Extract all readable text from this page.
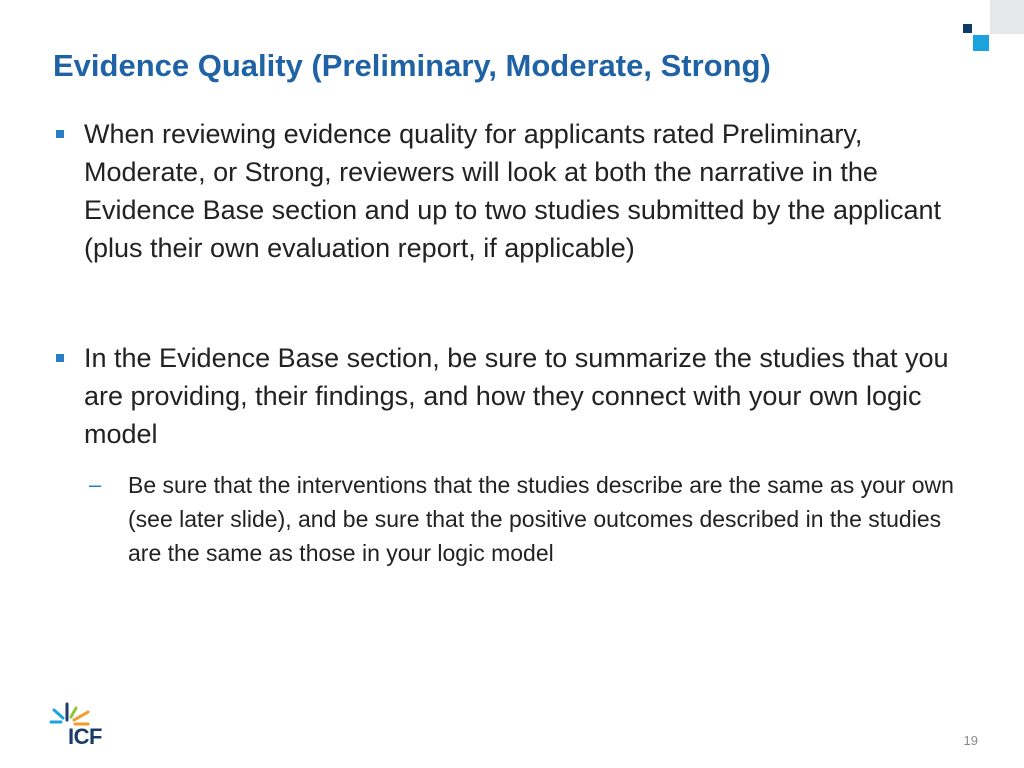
Evidence Quality (Preliminary, Moderate, Strong)

When reviewing evidence quality for applicants rated Preliminary, Moderate, or Strong, reviewers will look at both the narrative in the Evidence Base section and up to two studies submitted by the applicant (plus their own evaluation report, if applicable)

In the Evidence Base section, be sure to summarize the studies that you are providing, their findings, and how they connect with your own logic model

– Be sure that the interventions that the studies describe are the same as your own (see later slide), and be sure that the positive outcomes described in the studies are the same as those in your logic model

ICF	19
